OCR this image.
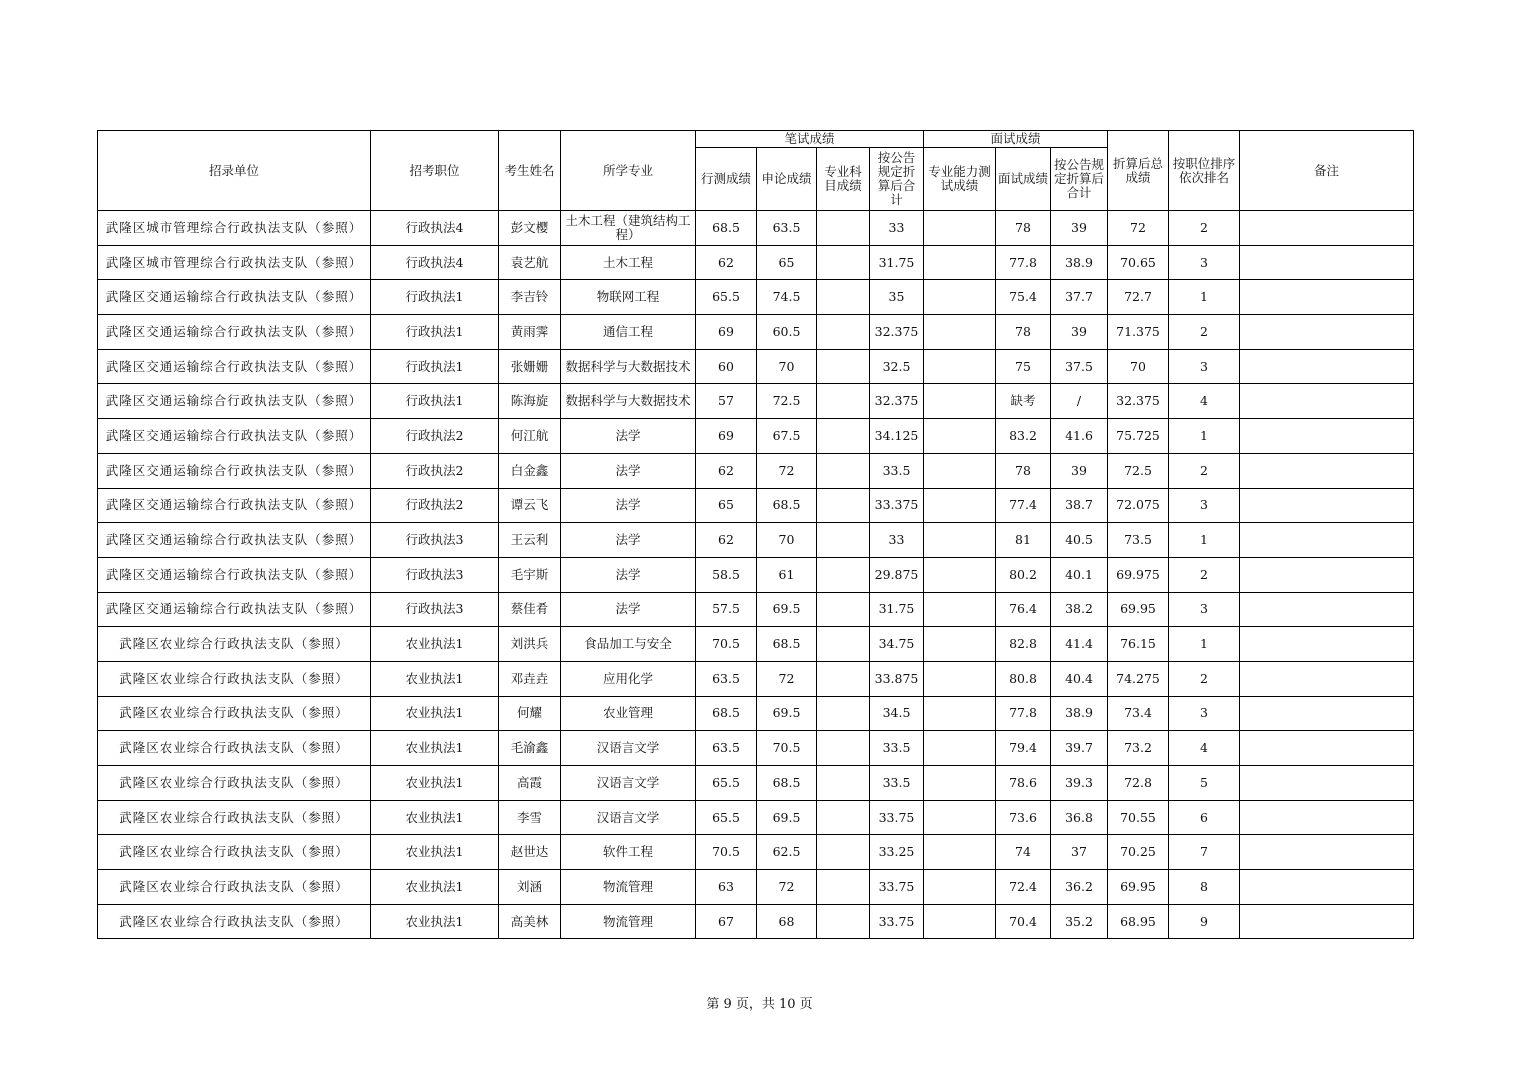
招录单位	招考职位	考生姓名	所学专业	笔试成绩				面试成绩			折算后总成绩	按职位排序依次排名	备注
				行测成绩	申论成绩	专业科目成绩	按公告规定折算后合计	专业能力测试成绩	面试成绩	按公告规定折算后合计			
武隆区城市管理综合行政执法支队（参照）	行政执法4	彭文樱	土木工程（建筑结构工程）	68.5	63.5		33		78	39	72	2	
武隆区城市管理综合行政执法支队（参照）	行政执法4	袁艺航	土木工程	62	65		31.75		77.8	38.9	70.65	3	
武隆区交通运输综合行政执法支队（参照）	行政执法1	李吉铃	物联网工程	65.5	74.5		35		75.4	37.7	72.7	1	
武隆区交通运输综合行政执法支队（参照）	行政执法1	黄雨霁	通信工程	69	60.5		32.375		78	39	71.375	2	
武隆区交通运输综合行政执法支队（参照）	行政执法1	张姗姗	数据科学与大数据技术	60	70		32.5		75	37.5	70	3	
武隆区交通运输综合行政执法支队（参照）	行政执法1	陈海旋	数据科学与大数据技术	57	72.5		32.375		缺考	/	32.375	4	
武隆区交通运输综合行政执法支队（参照）	行政执法2	何江航	法学	69	67.5		34.125		83.2	41.6	75.725	1	
武隆区交通运输综合行政执法支队（参照）	行政执法2	白金鑫	法学	62	72		33.5		78	39	72.5	2	
武隆区交通运输综合行政执法支队（参照）	行政执法2	谭云飞	法学	65	68.5		33.375		77.4	38.7	72.075	3	
武隆区交通运输综合行政执法支队（参照）	行政执法3	王云利	法学	62	70		33		81	40.5	73.5	1	
武隆区交通运输综合行政执法支队（参照）	行政执法3	毛宇斯	法学	58.5	61		29.875		80.2	40.1	69.975	2	
武隆区交通运输综合行政执法支队（参照）	行政执法3	蔡佳肴	法学	57.5	69.5		31.75		76.4	38.2	69.95	3	
武隆区农业综合行政执法支队（参照）	农业执法1	刘洪兵	食品加工与安全	70.5	68.5		34.75		82.8	41.4	76.15	1	
武隆区农业综合行政执法支队（参照）	农业执法1	邓垚垚	应用化学	63.5	72		33.875		80.8	40.4	74.275	2	
武隆区农业综合行政执法支队（参照）	农业执法1	何耀	农业管理	68.5	69.5		34.5		77.8	38.9	73.4	3	
武隆区农业综合行政执法支队（参照）	农业执法1	毛渝鑫	汉语言文学	63.5	70.5		33.5		79.4	39.7	73.2	4	
武隆区农业综合行政执法支队（参照）	农业执法1	高霞	汉语言文学	65.5	68.5		33.5		78.6	39.3	72.8	5	
武隆区农业综合行政执法支队（参照）	农业执法1	李雪	汉语言文学	65.5	69.5		33.75		73.6	36.8	70.55	6	
武隆区农业综合行政执法支队（参照）	农业执法1	赵世达	软件工程	70.5	62.5		33.25		74	37	70.25	7	
武隆区农业综合行政执法支队（参照）	农业执法1	刘涵	物流管理	63	72		33.75		72.4	36.2	69.95	8	
武隆区农业综合行政执法支队（参照）	农业执法1	高美林	物流管理	67	68		33.75		70.4	35.2	68.95	9	
第 9 页，共 10 页
